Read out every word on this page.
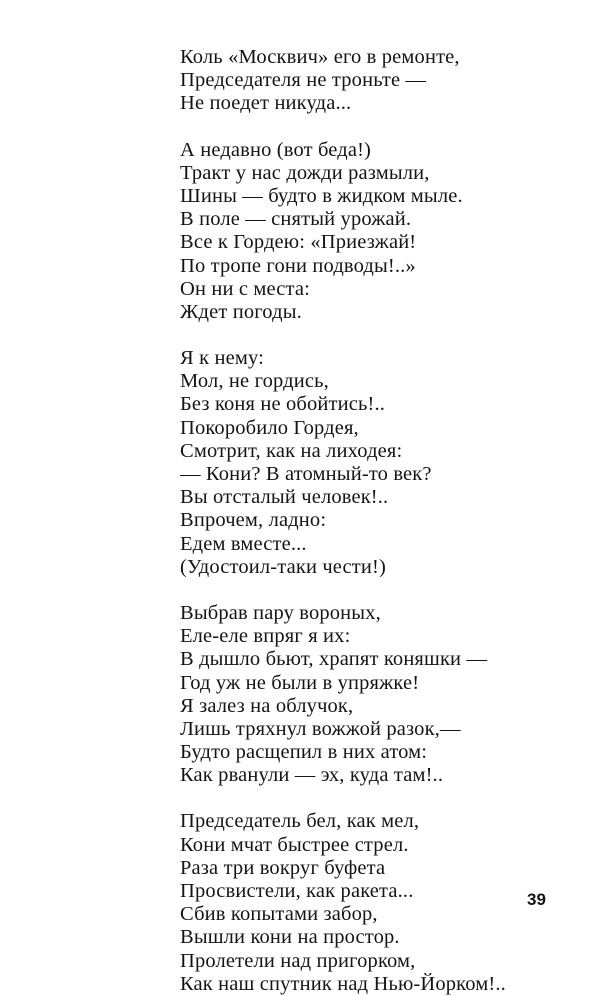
Коль «Москвич» его в ремонте,
Председателя не троньте —
Не поедет никуда...
А недавно (вот беда!)
Тракт у нас дожди размыли,
Шины — будто в жидком мыле.
В поле — снятый урожай.
Все к Гордею: «Приезжай!
По тропе гони подводы!..»
Он ни с места:
Ждет погоды.
Я к нему:
Мол, не гордись,
Без коня не обойтись!..
Покоробило Гордея,
Смотрит, как на лиходея:
— Кони? В атомный-то век?
Вы отсталый человек!..
Впрочем, ладно:
Едем вместе...
(Удостоил-таки чести!)
Выбрав пару вороных,
Еле-еле впряг я их:
В дышло бьют, храпят коняшки —
Год уж не были в упряжке!
Я залез на облучок,
Лишь тряхнул вожжой разок,—
Будто расщепил в них атом:
Как рванули — эх, куда там!..
Председатель бел, как мел,
Кони мчат быстрее стрел.
Раза три вокруг буфета
Просвистели, как ракета...
Сбив копытами забор,
Вышли кони на простор.
Пролетели над пригорком,
Как наш спутник над Нью-Йорком!..
39
